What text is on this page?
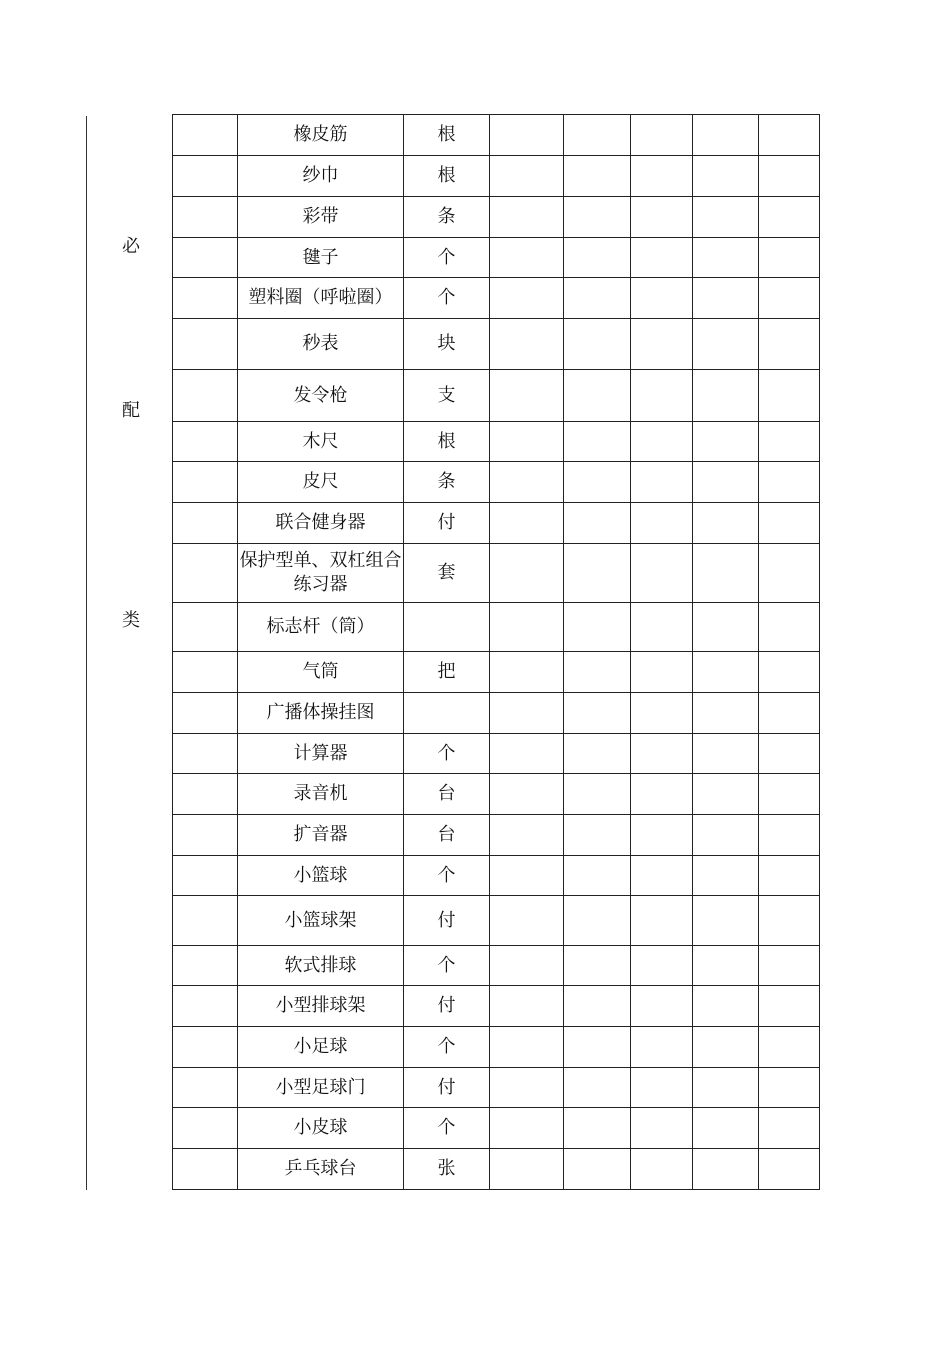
必
配
类
	橡皮筋	根					
	纱巾	根					
	彩带	条					
	毽子	个					
	塑料圈（呼啦圈）	个					
	秒表	块					
	发令枪	支					
	木尺	根					
	皮尺	条					
	联合健身器	付					
	保护型单、双杠组合练习器	套					
	标志杆（筒）						
	气筒	把					
	广播体操挂图						
	计算器	个					
	录音机	台					
	扩音器	台					
	小篮球	个					
	小篮球架	付					
	软式排球	个					
	小型排球架	付					
	小足球	个					
	小型足球门	付					
	小皮球	个					
	乒乓球台	张					
